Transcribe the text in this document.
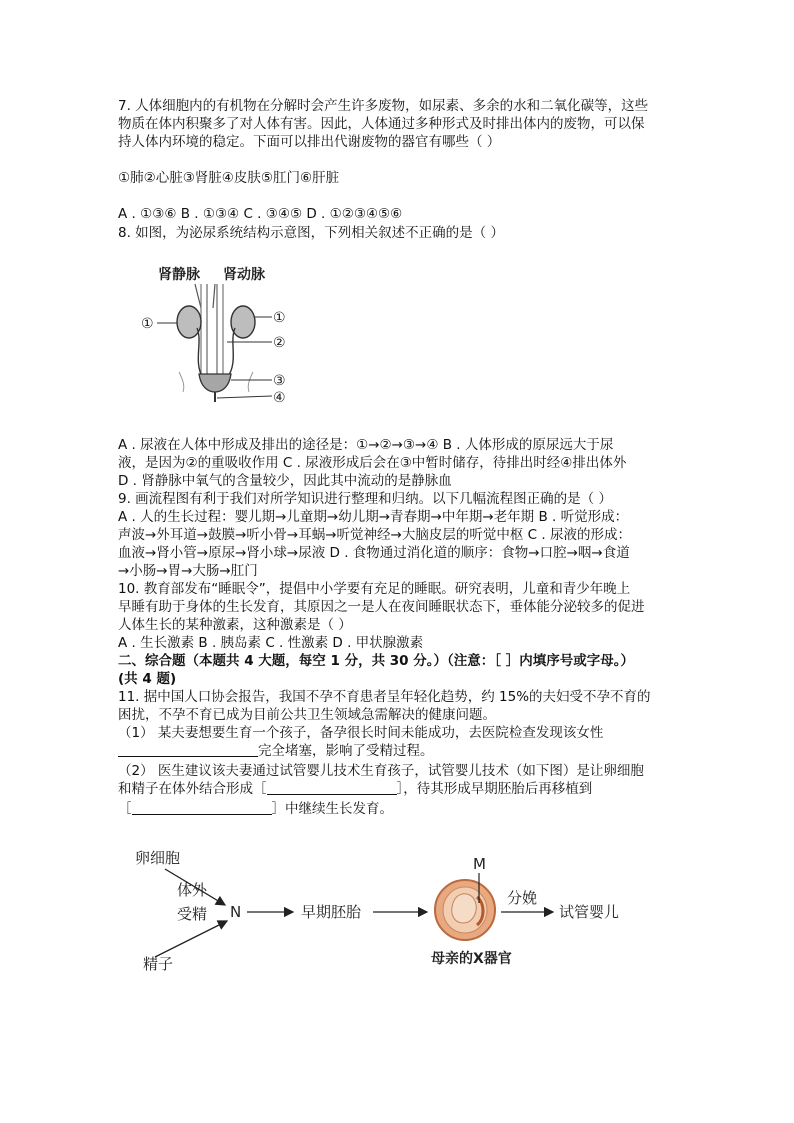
7. 人体细胞内的有机物在分解时会产生许多废物，如尿素、多余的水和二氧化碳等，这些
物质在体内积聚多了对人体有害。因此，人体通过多种形式及时排出体内的废物，可以保
持人体内环境的稳定。下面可以排出代谢废物的器官有哪些（ ）
①肺②心脏③肾脏④皮肤⑤肛门⑥肝脏
A . ①③⑥ B . ①③④ C . ③④⑤ D . ①②③④⑤⑥
8. 如图，为泌尿系统结构示意图，下列相关叙述不正确的是（ ）
肾静脉 肾动脉
①	①
②
③
④
A . 尿液在人体中形成及排出的途径是：①→②→③→④ B . 人体形成的原尿远大于尿
液，是因为②的重吸收作用 C . 尿液形成后会在③中暂时储存，待排出时经④排出体外
D . 肾静脉中氧气的含量较少，因此其中流动的是静脉血
9. 画流程图有利于我们对所学知识进行整理和归纳。以下几幅流程图正确的是（ ）
A . 人的生长过程：婴儿期→儿童期→幼儿期→青春期→中年期→老年期 B . 听觉形成：
声波→外耳道→鼓膜→听小骨→耳蜗→听觉神经→大脑皮层的听觉中枢 C . 尿液的形成：
血液→肾小管→原尿→肾小球→尿液 D . 食物通过消化道的顺序：食物→口腔→咽→食道
→小肠→胃→大肠→肛门
10. 教育部发布“睡眠令”，提倡中小学要有充足的睡眠。研究表明，儿童和青少年晚上
早睡有助于身体的生长发育，其原因之一是人在夜间睡眠状态下，垂体能分泌较多的促进
人体生长的某种激素，这种激素是（ ）
A . 生长激素 B . 胰岛素 C . 性激素 D . 甲状腺激素
二、综合题（本题共 4 大题，每空 1 分，共 30 分。）（注意：［ ］内填序号或字母。）
(共 4 题)
11. 据中国人口协会报告，我国不孕不育患者呈年轻化趋势，约 15%的夫妇受不孕不育的
困扰，不孕不育已成为目前公共卫生领域急需解决的健康问题。
（1） 某夫妻想要生育一个孩子，备孕很长时间未能成功，去医院检查发现该女性
完全堵塞，影响了受精过程。
（2） 医生建议该夫妻通过试管婴儿技术生育孩子，试管婴儿技术（如下图）是让卵细胞
和精子在体外结合形成［	］，待其形成早期胚胎后再移植到
［	］中继续生长发育。
卵细胞
体外
受精 N
精子
早期胚胎
M
母亲的X器官
分娩
试管婴儿
